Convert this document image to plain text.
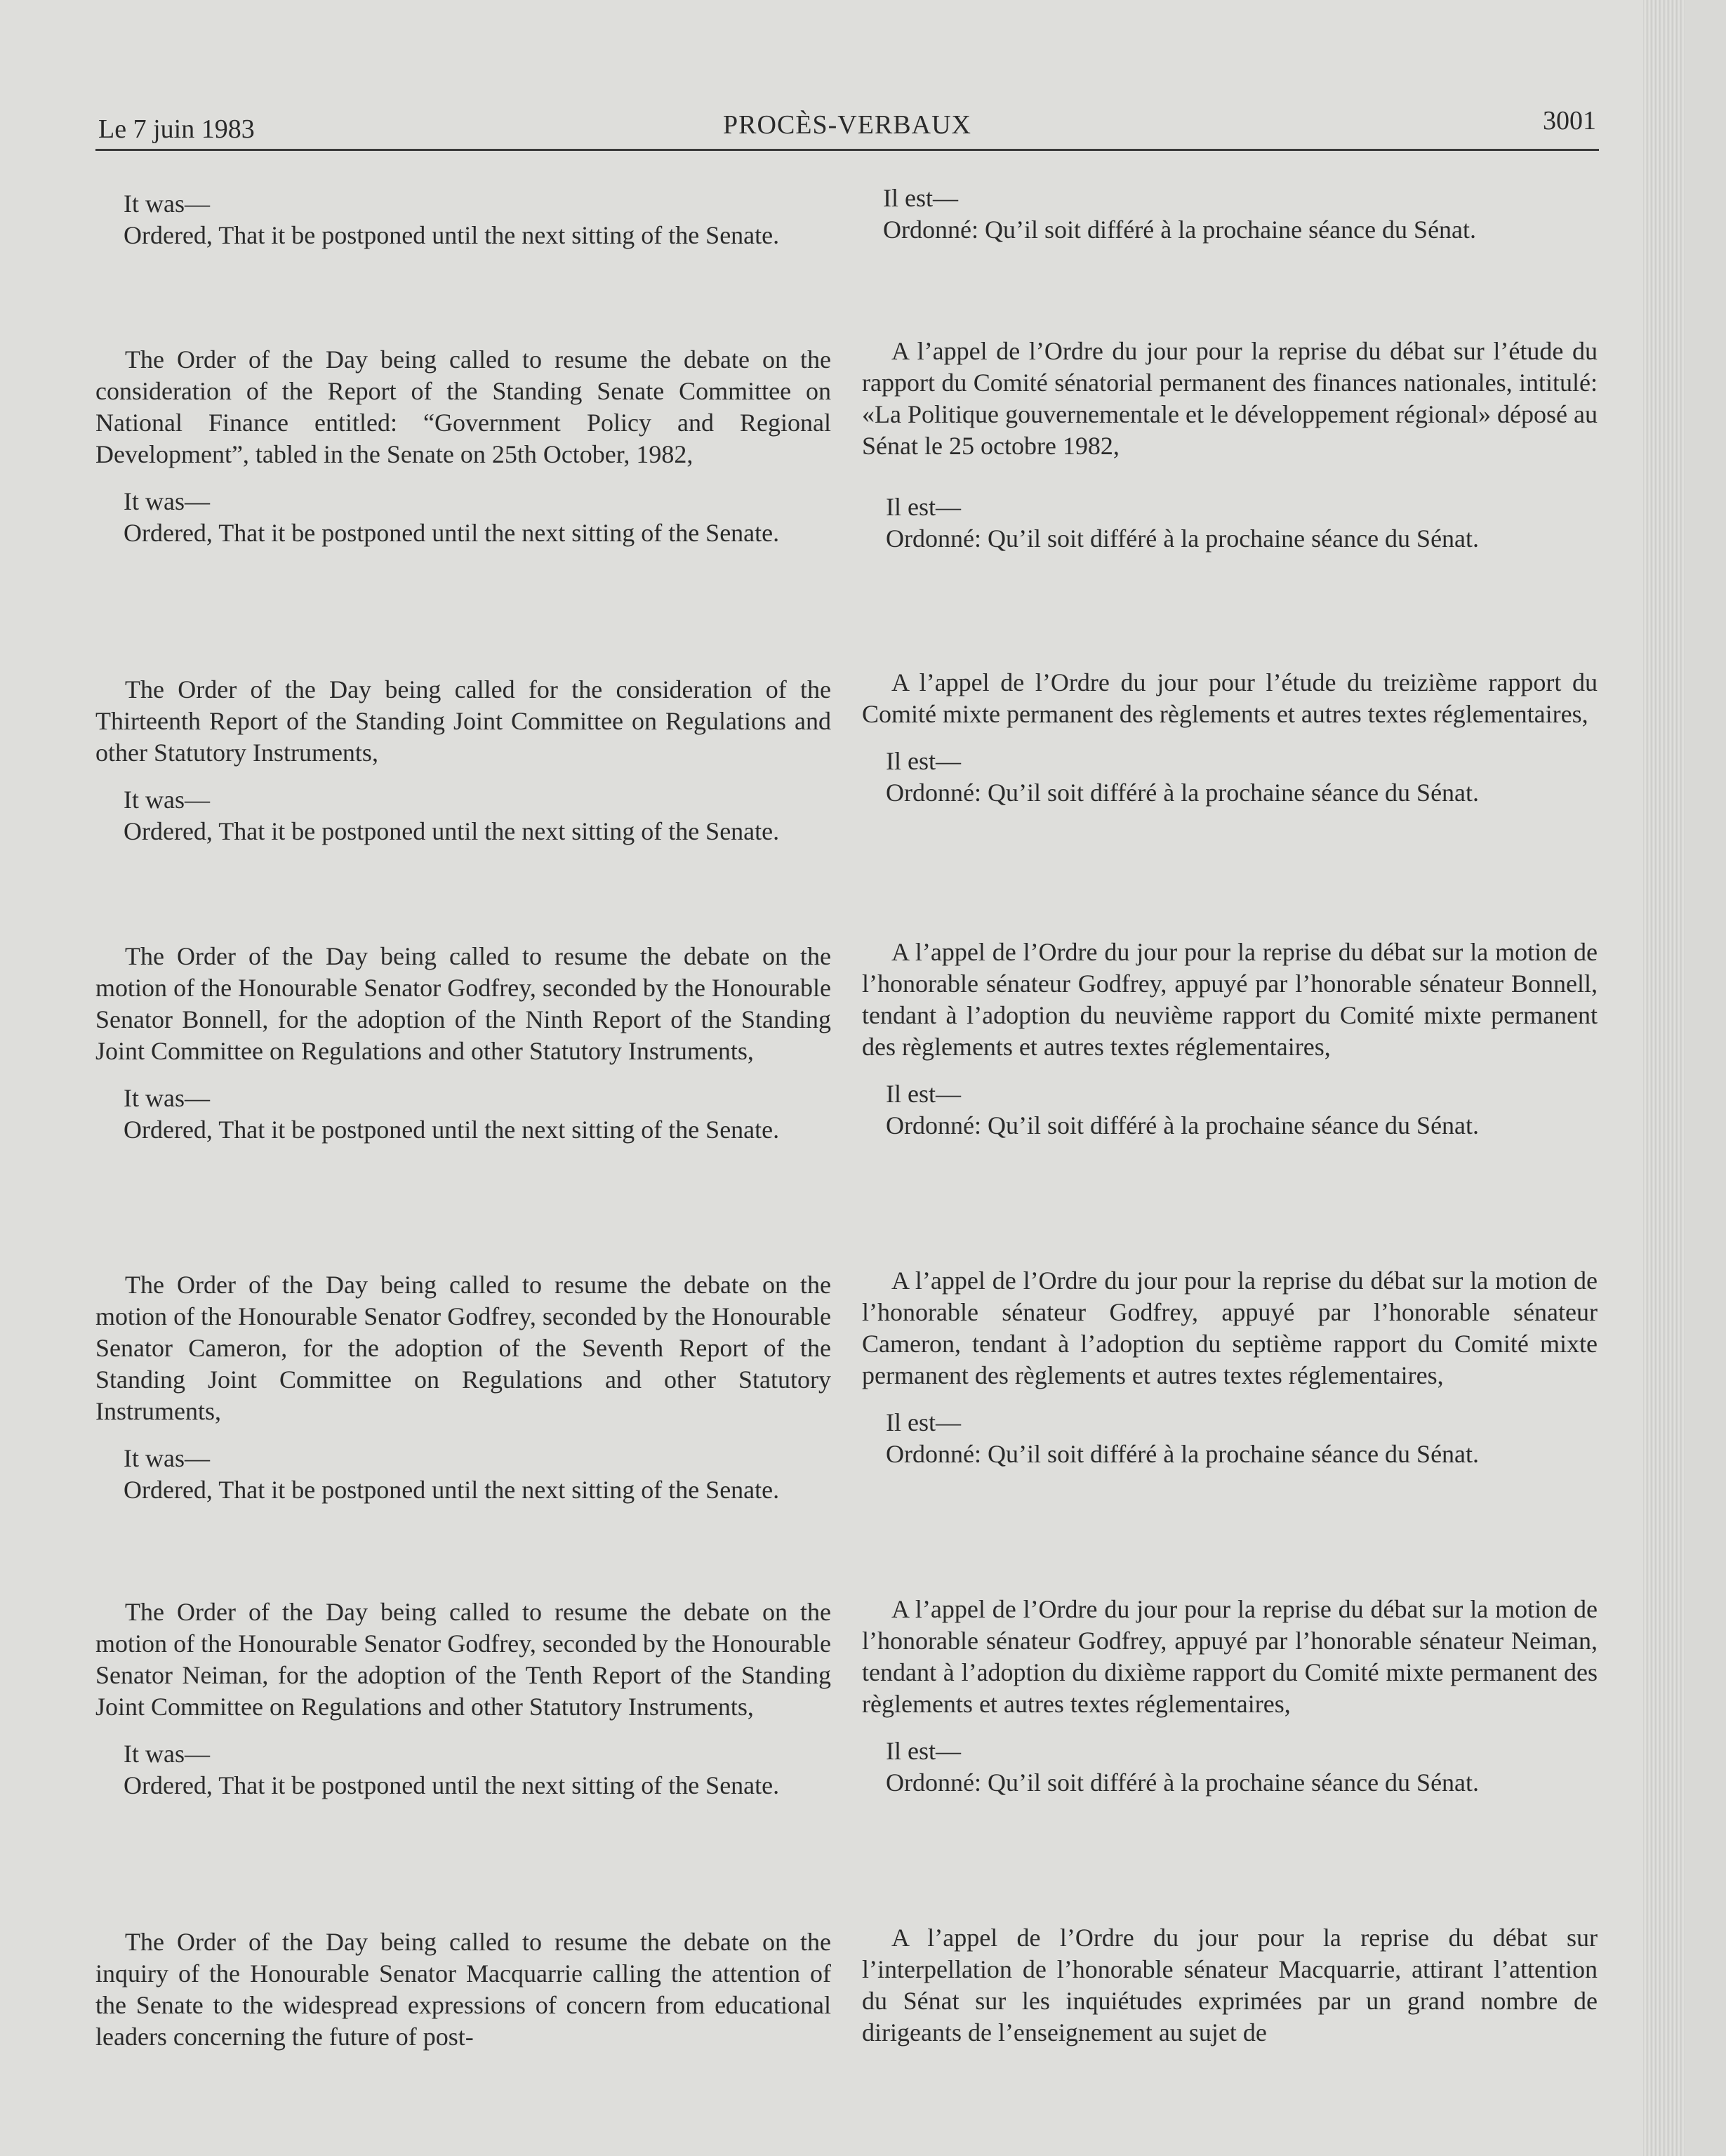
Le 7 juin 1983	PROCÈS-VERBAUX	3001

It was—

Ordered, That it be postponed until the next sitting of the Senate.

The Order of the Day being called to resume the debate on the consideration of the Report of the Standing Senate Committee on National Finance entitled: “Government Policy and Regional Development”, tabled in the Senate on 25th October, 1982,

It was—

Ordered, That it be postponed until the next sitting of the Senate.

The Order of the Day being called for the consideration of the Thirteenth Report of the Standing Joint Committee on Regulations and other Statutory Instruments,

It was—

Ordered, That it be postponed until the next sitting of the Senate.

The Order of the Day being called to resume the debate on the motion of the Honourable Senator Godfrey, seconded by the Honourable Senator Bonnell, for the adoption of the Ninth Report of the Standing Joint Committee on Regulations and other Statutory Instruments,

It was—

Ordered, That it be postponed until the next sitting of the Senate.

The Order of the Day being called to resume the debate on the motion of the Honourable Senator Godfrey, seconded by the Honourable Senator Cameron, for the adoption of the Seventh Report of the Standing Joint Committee on Regulations and other Statutory Instruments,

It was—

Ordered, That it be postponed until the next sitting of the Senate.

The Order of the Day being called to resume the debate on the motion of the Honourable Senator Godfrey, seconded by the Honourable Senator Neiman, for the adoption of the Tenth Report of the Standing Joint Committee on Regulations and other Statutory Instruments,

It was—

Ordered, That it be postponed until the next sitting of the Senate.

The Order of the Day being called to resume the debate on the inquiry of the Honourable Senator Macquarrie calling the attention of the Senate to the widespread expressions of concern from educational leaders concerning the future of post-

Il est—

Ordonné: Qu’il soit différé à la prochaine séance du Sénat.

A l’appel de l’Ordre du jour pour la reprise du débat sur l’étude du rapport du Comité sénatorial permanent des finances nationales, intitulé: «La Politique gouvernementale et le développement régional» déposé au Sénat le 25 octobre 1982,

Il est—

Ordonné: Qu’il soit différé à la prochaine séance du Sénat.

A l’appel de l’Ordre du jour pour l’étude du treizième rapport du Comité mixte permanent des règlements et autres textes réglementaires,

Il est—

Ordonné: Qu’il soit différé à la prochaine séance du Sénat.

A l’appel de l’Ordre du jour pour la reprise du débat sur la motion de l’honorable sénateur Godfrey, appuyé par l’honorable sénateur Bonnell, tendant à l’adoption du neuvième rapport du Comité mixte permanent des règlements et autres textes réglementaires,

Il est—

Ordonné: Qu’il soit différé à la prochaine séance du Sénat.

A l’appel de l’Ordre du jour pour la reprise du débat sur la motion de l’honorable sénateur Godfrey, appuyé par l’honorable sénateur Cameron, tendant à l’adoption du septième rapport du Comité mixte permanent des règlements et autres textes réglementaires,

Il est—

Ordonné: Qu’il soit différé à la prochaine séance du Sénat.

A l’appel de l’Ordre du jour pour la reprise du débat sur la motion de l’honorable sénateur Godfrey, appuyé par l’honorable sénateur Neiman, tendant à l’adoption du dixième rapport du Comité mixte permanent des règlements et autres textes réglementaires,

Il est—

Ordonné: Qu’il soit différé à la prochaine séance du Sénat.

A l’appel de l’Ordre du jour pour la reprise du débat sur l’interpellation de l’honorable sénateur Macquarrie, attirant l’attention du Sénat sur les inquiétudes exprimées par un grand nombre de dirigeants de l’enseignement au sujet de
